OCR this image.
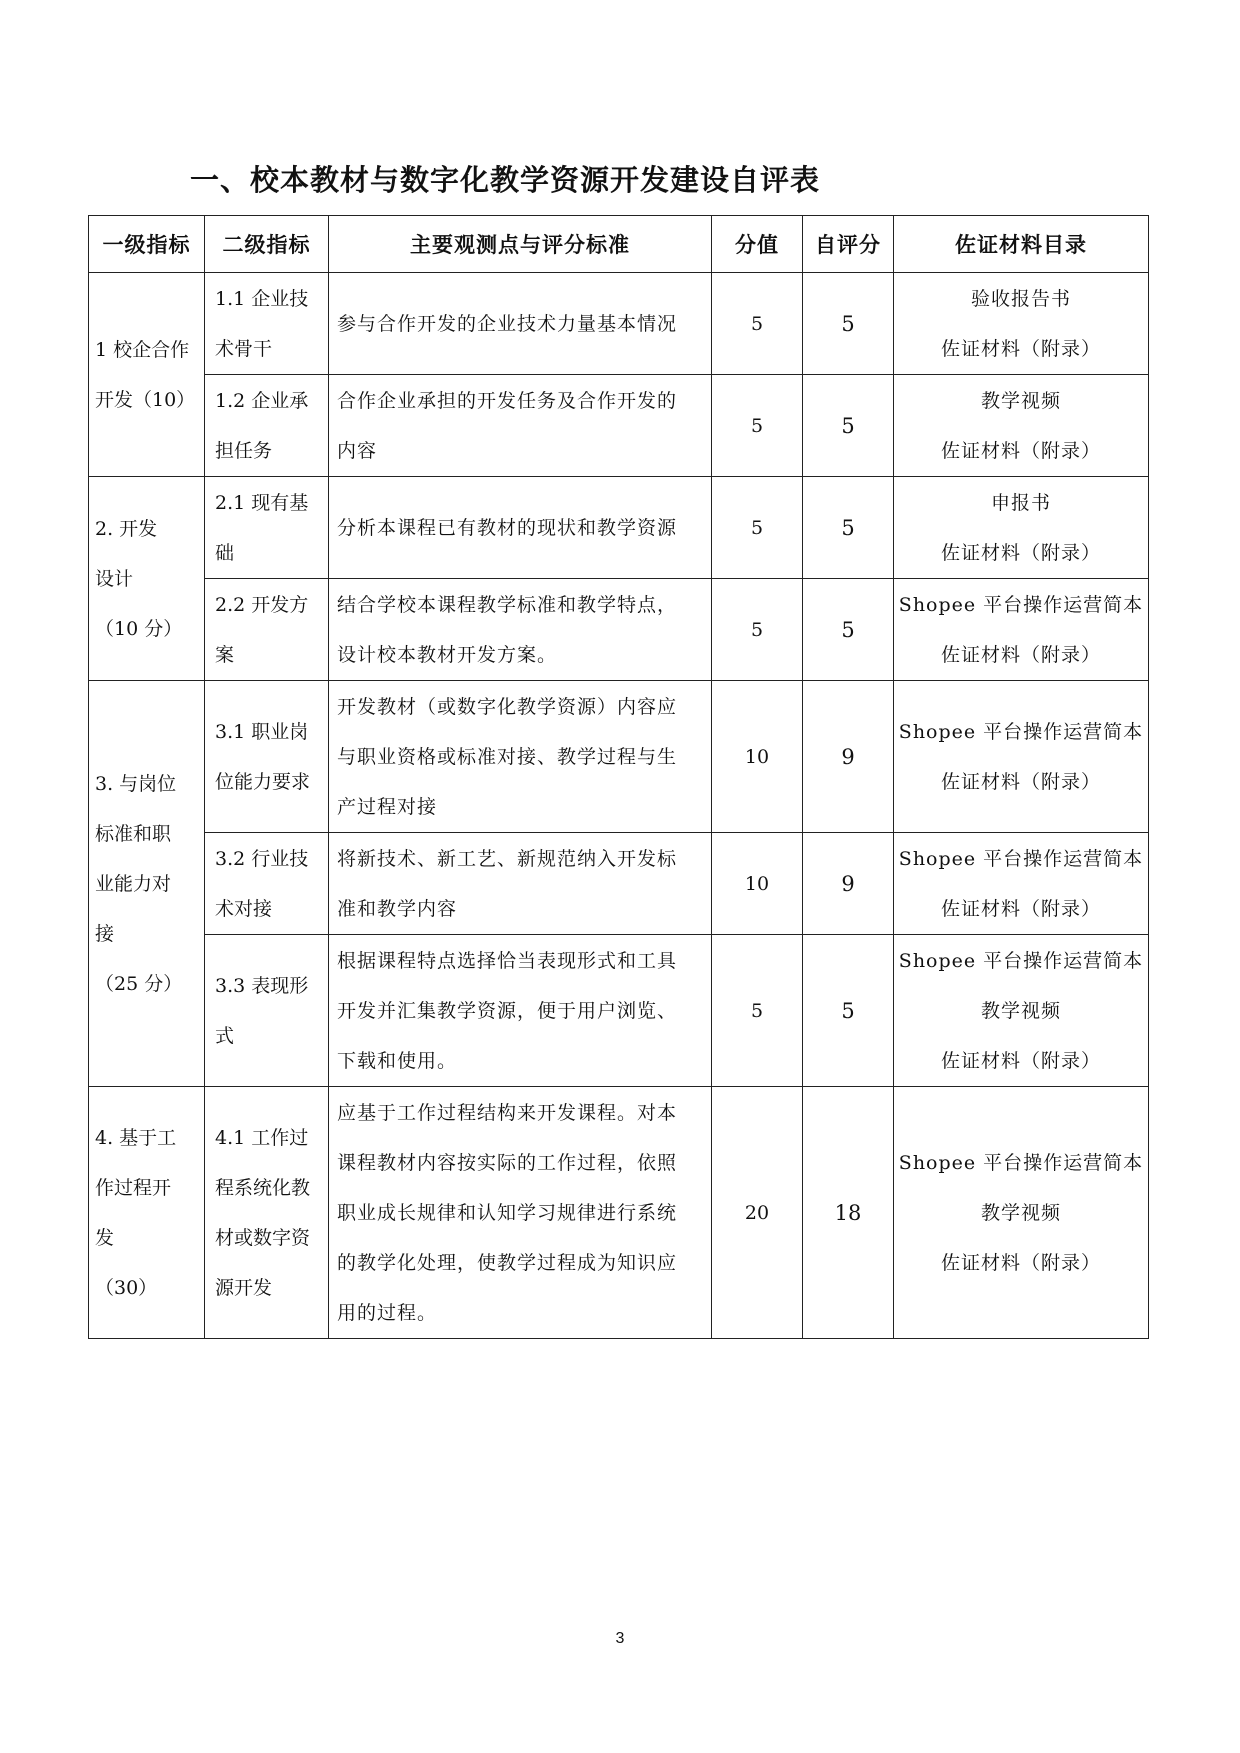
一、校本教材与数字化教学资源开发建设自评表
一级指标	二级指标	主要观测点与评分标准	分值	自评分	佐证材料目录

1 校企合作
开发（10）	1.1 企业技
术骨干	参与合作开发的企业技术力量基本情况	5	5	验收报告书
佐证材料（附录）

	1.2 企业承
担任务	合作企业承担的开发任务及合作开发的
内容	5	5	教学视频
佐证材料（附录）

2. 开发
设计
（10 分）	2.1 现有基
础	分析本课程已有教材的现状和教学资源	5	5	申报书
佐证材料（附录）

	2.2 开发方
案	结合学校本课程教学标准和教学特点，
设计校本教材开发方案。	5	5	Shopee 平台操作运营简本
佐证材料（附录）

3. 与岗位
标准和职
业能力对
接
（25 分）	3.1 职业岗
位能力要求	开发教材（或数字化教学资源）内容应
与职业资格或标准对接、教学过程与生
产过程对接	10	9	Shopee 平台操作运营简本
佐证材料（附录）

	3.2 行业技
术对接	将新技术、新工艺、新规范纳入开发标
准和教学内容	10	9	Shopee 平台操作运营简本
佐证材料（附录）

	3.3 表现形
式	根据课程特点选择恰当表现形式和工具
开发并汇集教学资源，便于用户浏览、
下载和使用。	5	5	Shopee 平台操作运营简本
教学视频
佐证材料（附录）

4. 基于工
作过程开
发
（30）	4.1 工作过
程系统化教
材或数字资
源开发	应基于工作过程结构来开发课程。对本
课程教材内容按实际的工作过程，依照
职业成长规律和认知学习规律进行系统
的教学化处理，使教学过程成为知识应
用的过程。	20	18	Shopee 平台操作运营简本
教学视频
佐证材料（附录）
3
